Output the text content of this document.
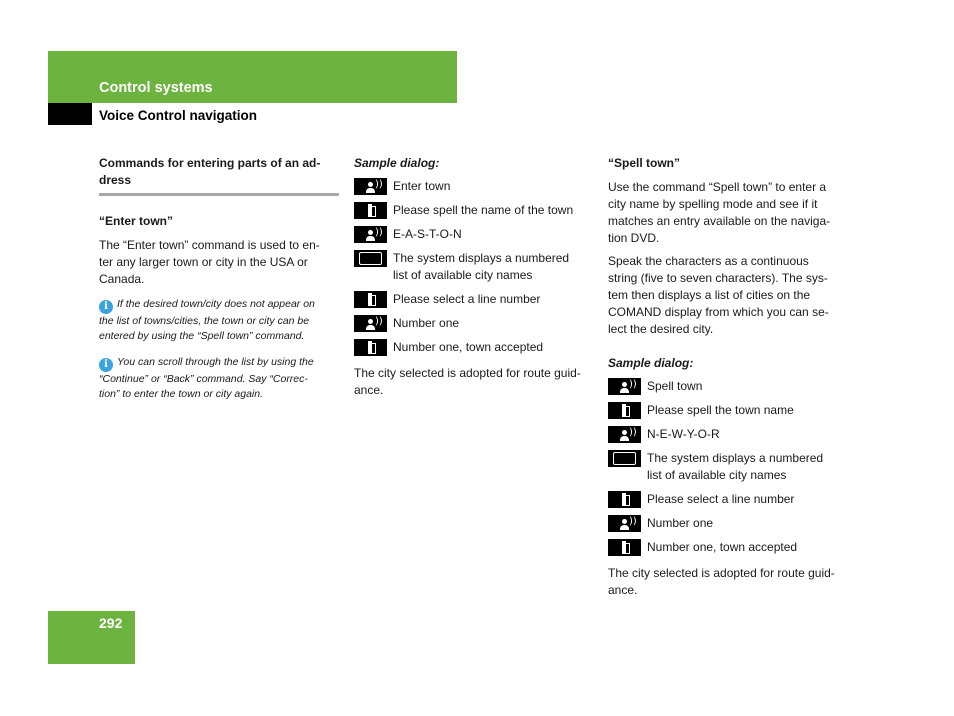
Control systems
Voice Control navigation
Commands for entering parts of an ad-
dress
“Enter town”
The “Enter town” command is used to en-
ter any larger town or city in the USA or
Canada.

i If the desired town/city does not appear on

the list of towns/cities, the town or city can be

entered by using the “Spell town” command.

i You can scroll through the list by using the

“Continue” or “Back” command. Say “Correc-

tion” to enter the town or city again.

Sample dialog:
)) Enter town
Please spell the name of the town
)) E-A-S-T-O-N
The system displays a numbered
list of available city names
Please select a line number
)) Number one
Number one, town accepted
The city selected is adopted for route guid-
ance.
“Spell town”
Use the command “Spell town” to enter a
city name by spelling mode and see if it
matches an entry available on the naviga-
tion DVD.
Speak the characters as a continuous
string (five to seven characters). The sys-
tem then displays a list of cities on the
COMAND display from which you can se-
lect the desired city.
Sample dialog:
)) Spell town
Please spell the town name
)) N-E-W-Y-O-R
The system displays a numbered
list of available city names
Please select a line number
)) Number one
Number one, town accepted
The city selected is adopted for route guid-
ance.
292
